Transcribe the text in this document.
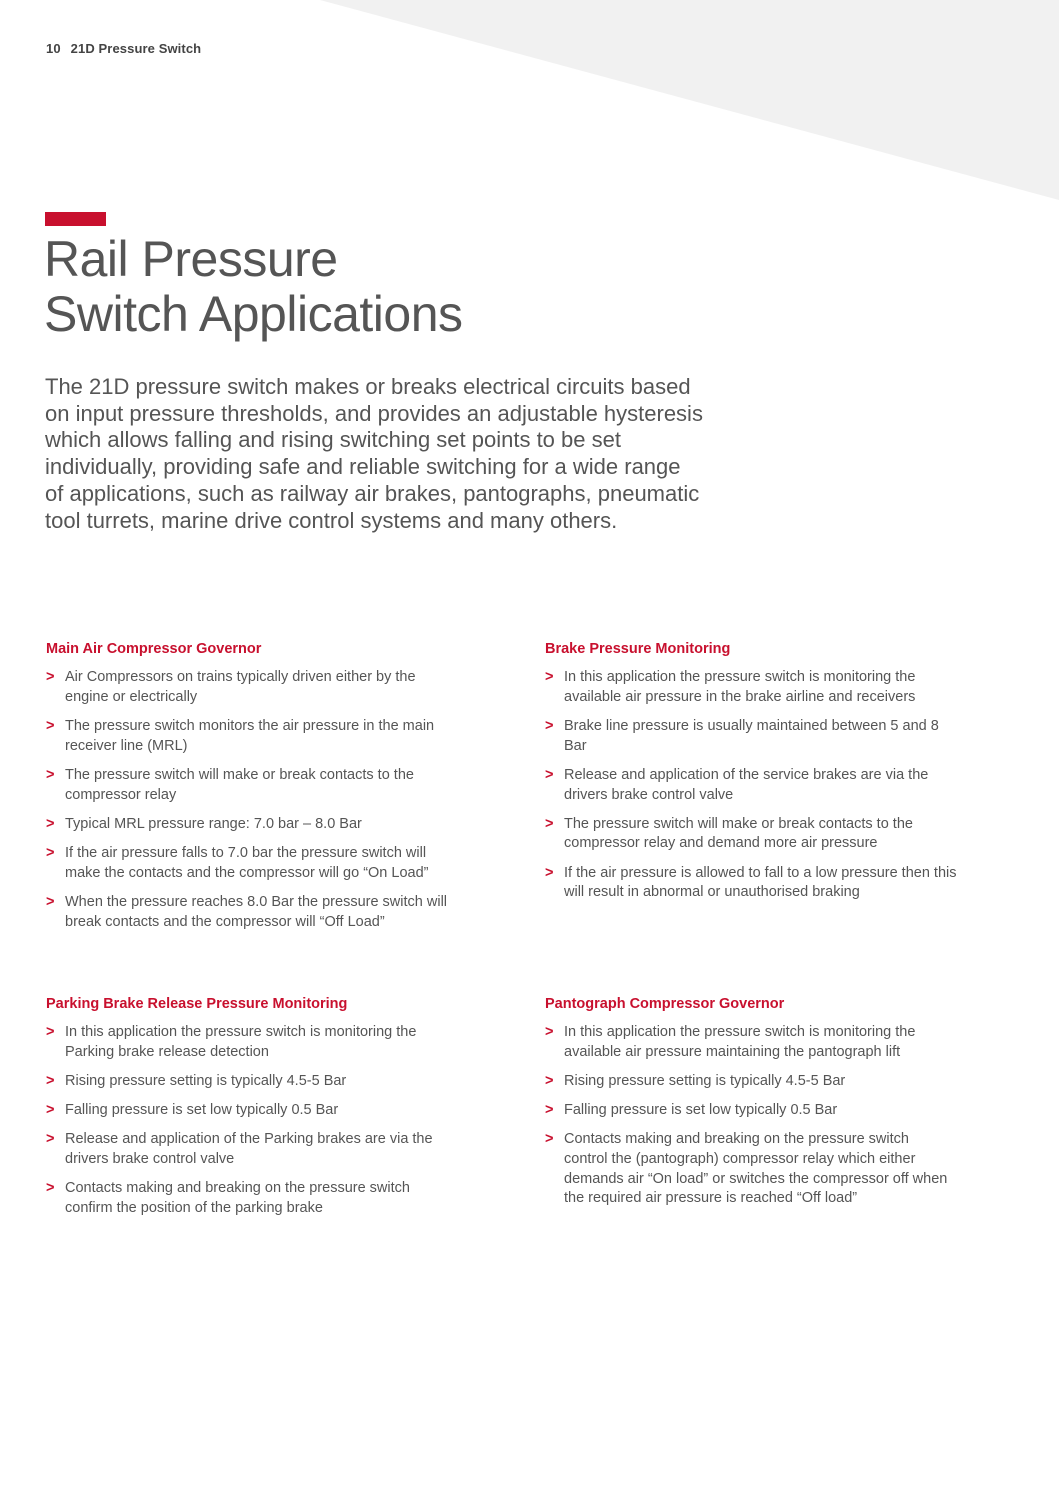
10 21D Pressure Switch
Rail Pressure
Switch Applications

The 21D pressure switch makes or breaks electrical circuits based
on input pressure thresholds, and provides an adjustable hysteresis
which allows falling and rising switching set points to be set
individually, providing safe and reliable switching for a wide range
of applications, such as railway air brakes, pantographs, pneumatic
tool turrets, marine drive control systems and many others.

Main Air Compressor Governor
> Air Compressors on trains typically driven either by the
engine or electrically
> The pressure switch monitors the air pressure in the main
receiver line (MRL)
> The pressure switch will make or break contacts to the
compressor relay
> Typical MRL pressure range: 7.0 bar – 8.0 Bar
> If the air pressure falls to 7.0 bar the pressure switch will
make the contacts and the compressor will go “On Load”
> When the pressure reaches 8.0 Bar the pressure switch will
break contacts and the compressor will “Off Load”
Brake Pressure Monitoring
> In this application the pressure switch is monitoring the
available air pressure in the brake airline and receivers
> Brake line pressure is usually maintained between 5 and 8
Bar
> Release and application of the service brakes are via the
drivers brake control valve
> The pressure switch will make or break contacts to the
compressor relay and demand more air pressure
> If the air pressure is allowed to fall to a low pressure then this
will result in abnormal or unauthorised braking
Parking Brake Release Pressure Monitoring
> In this application the pressure switch is monitoring the
Parking brake release detection
> Rising pressure setting is typically 4.5-5 Bar
> Falling pressure is set low typically 0.5 Bar
> Release and application of the Parking brakes are via the
drivers brake control valve
> Contacts making and breaking on the pressure switch
confirm the position of the parking brake
Pantograph Compressor Governor
> In this application the pressure switch is monitoring the
available air pressure maintaining the pantograph lift
> Rising pressure setting is typically 4.5-5 Bar
> Falling pressure is set low typically 0.5 Bar
> Contacts making and breaking on the pressure switch
control the (pantograph) compressor relay which either
demands air “On load” or switches the compressor off when
the required air pressure is reached “Off load”
